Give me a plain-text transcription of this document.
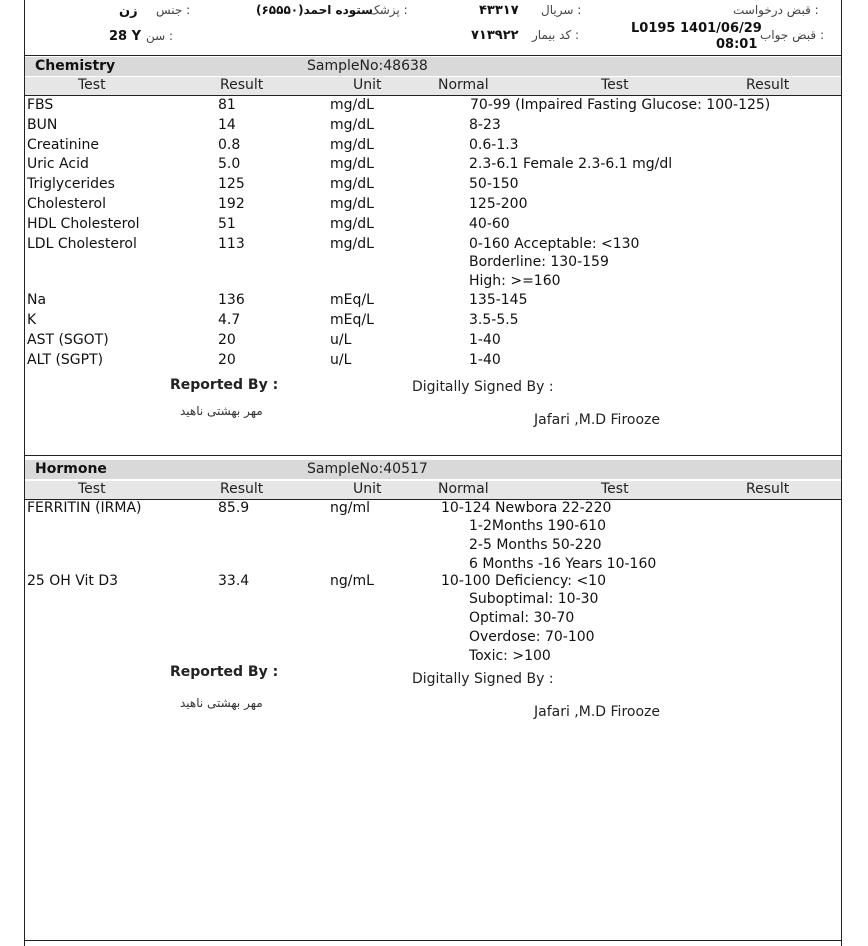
جنس :
زن
سن :
28 Y
پزشک :
ستوده احمد(۶۵۵۵۰)	سریال :
۴۳۳۱۷
کد بیمار :
۷۱۳۹۲۲
قبض درخواست :
قبض جواب :
L0195 1401/06/29
08:01
Chemistry	SampleNo:48638
Test	Result	Unit	Normal	Test	Result
FBS	81	mg/dL	70-99 (Impaired Fasting Glucose: 100-125)
BUN	14	mg/dL	8-23
Creatinine	0.8	mg/dL	0.6-1.3
Uric Acid	5.0	mg/dL	2.3-6.1 Female 2.3-6.1 mg/dl
Triglycerides	125	mg/dL	50-150
Cholesterol	192	mg/dL	125-200
HDL Cholesterol	51	mg/dL	40-60
LDL Cholesterol	113	mg/dL	0-160 Acceptable: <130
Borderline: 130-159
High: >=160
Na	136	mEq/L	135-145
K	4.7	mEq/L	3.5-5.5
AST (SGOT)	20	u/L	1-40
ALT (SGPT)	20	u/L	1-40
Reported By :
مهر بهشتی ناهید
Digitally Signed By :
Jafari ,M.D Firooze
Hormone	SampleNo:40517
Test	Result	Unit	Normal	Test	Result
FERRITIN (IRMA)	85.9	ng/ml	10-124 Newbora 22-220
1-2Months 190-610
2-5 Months 50-220
6 Months -16 Years 10-160
25 OH Vit D3	33.4	ng/mL	10-100 Deficiency: <10
Suboptimal: 10-30
Optimal: 30-70
Overdose: 70-100
Toxic: >100
Reported By :
مهر بهشتی ناهید
Digitally Signed By :
Jafari ,M.D Firooze
